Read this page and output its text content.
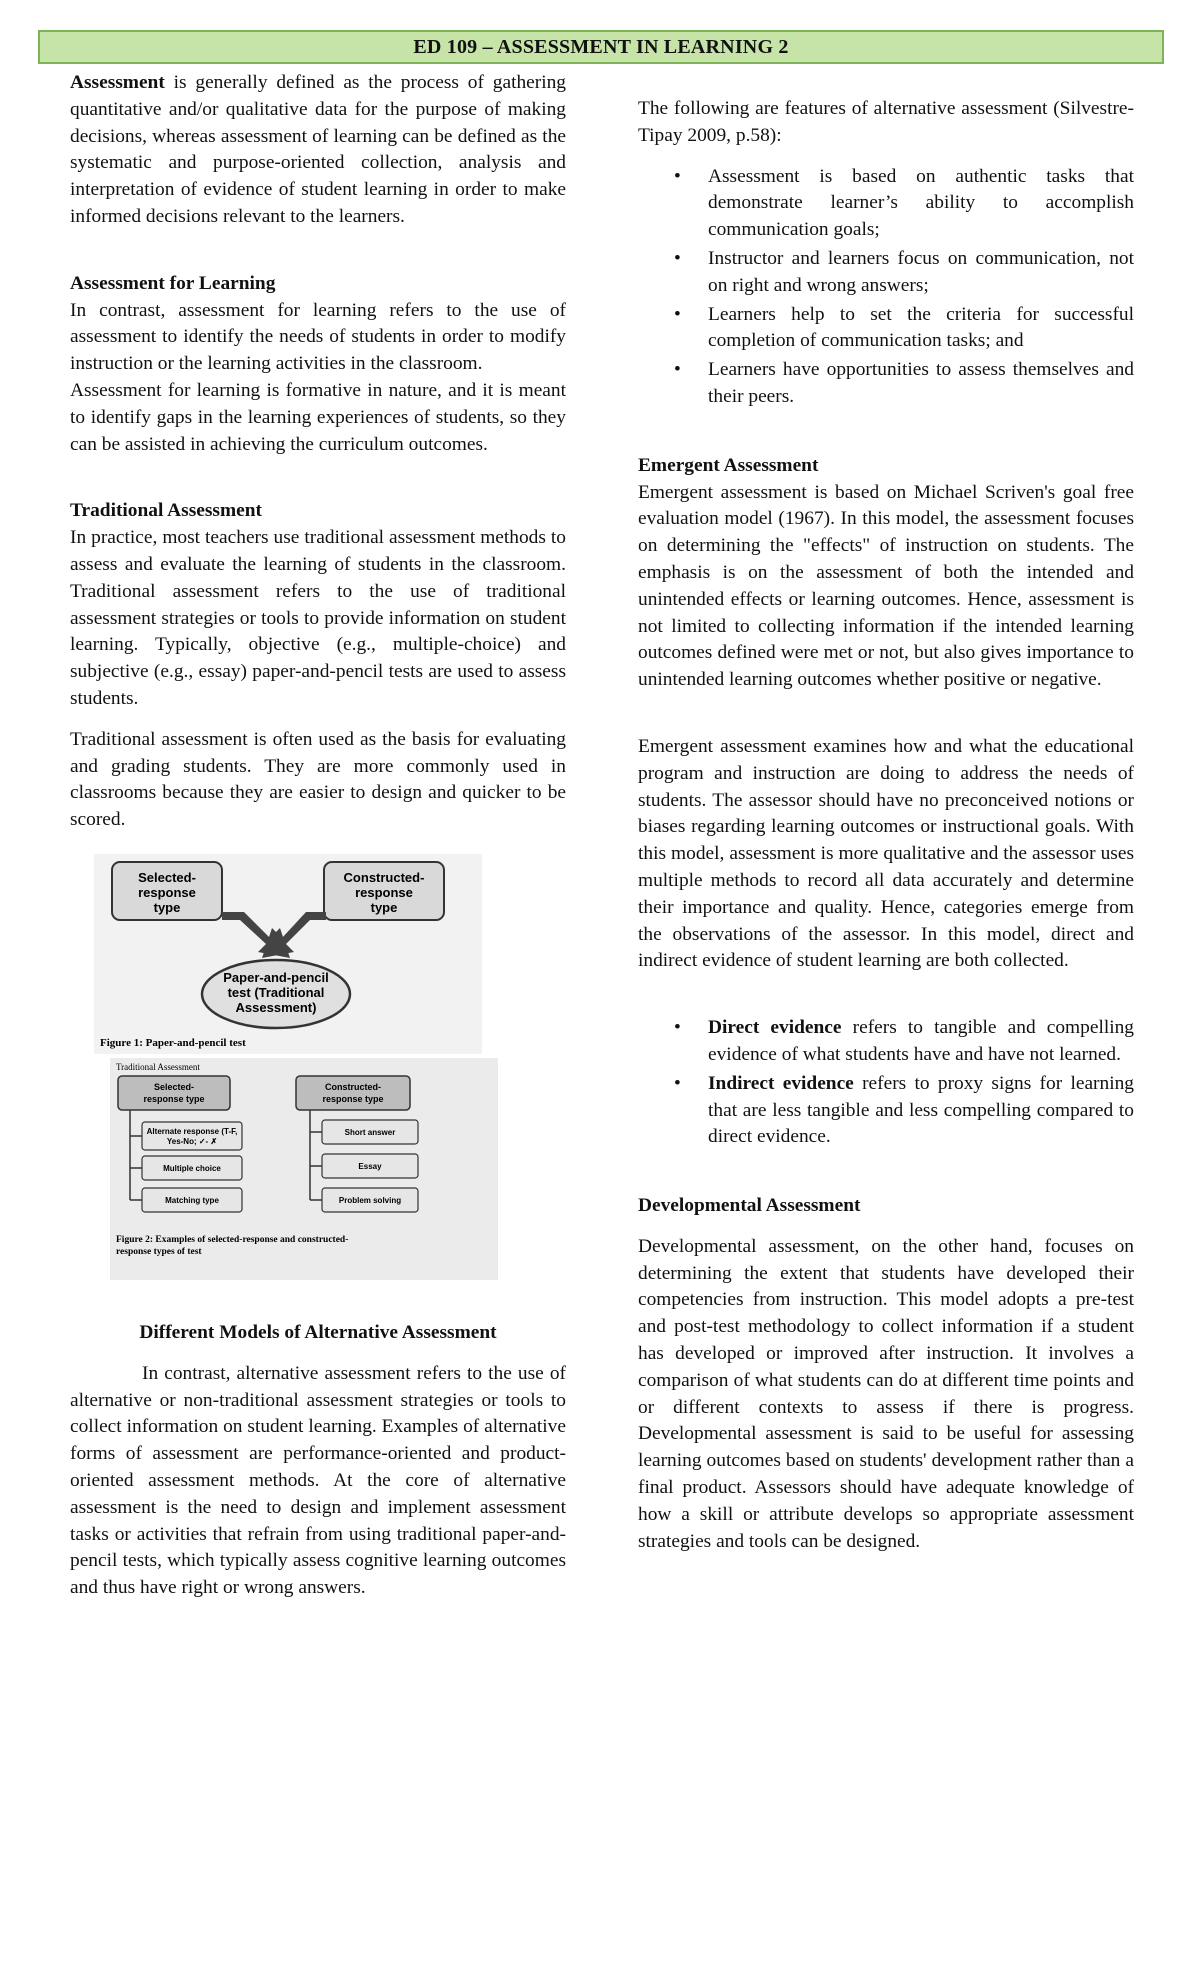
ED 109 – ASSESSMENT IN LEARNING 2

Assessment is generally defined as the process of gathering quantitative and/or qualitative data for the purpose of making decisions, whereas assessment of learning can be defined as the systematic and purpose-oriented collection, analysis and interpretation of evidence of student learning in order to make informed decisions relevant to the learners.

Assessment for Learning

In contrast, assessment for learning refers to the use of assessment to identify the needs of students in order to modify instruction or the learning activities in the classroom.

Assessment for learning is formative in nature, and it is meant to identify gaps in the learning experiences of students, so they can be assisted in achieving the curriculum outcomes.

Traditional Assessment

In practice, most teachers use traditional assessment methods to assess and evaluate the learning of students in the classroom. Traditional assessment refers to the use of traditional assessment strategies or tools to provide information on student learning. Typically, objective (e.g., multiple-choice) and subjective (e.g., essay) paper-and-pencil tests are used to assess students.

Traditional assessment is often used as the basis for evaluating and grading students. They are more commonly used in classrooms because they are easier to design and quicker to be scored.

Selected-
response
type
Constructed-
response
type
Paper-and-pencil
test (Traditional
Assessment)
Figure 1: Paper-and-pencil test
Traditional Assessment
Selected-
response type
Constructed-
response type
Alternate response (T-F,
Yes-No; ✓- ✗
Multiple choice
Matching type
Short answer
Essay
Problem solving
Figure 2: Examples of selected-response and constructed-
response types of test
Different Models of Alternative Assessment

In contrast, alternative assessment refers to the use of alternative or non-traditional assessment strategies or tools to collect information on student learning. Examples of alternative forms of assessment are performance-oriented and product-oriented assessment methods. At the core of alternative assessment is the need to design and implement assessment tasks or activities that refrain from using traditional paper-and-pencil tests, which typically assess cognitive learning outcomes and thus have right or wrong answers.

The following are features of alternative assessment (Silvestre-Tipay 2009, p.58):

• Assessment is based on authentic tasks that demonstrate learner’s ability to accomplish communication goals;
• Instructor and learners focus on communication, not on right and wrong answers;
• Learners help to set the criteria for successful completion of communication tasks; and
• Learners have opportunities to assess themselves and their peers.
Emergent Assessment

Emergent assessment is based on Michael Scriven's goal free evaluation model (1967). In this model, the assessment focuses on determining the "effects" of instruction on students. The emphasis is on the assessment of both the intended and unintended effects or learning outcomes. Hence, assessment is not limited to collecting information if the intended learning outcomes defined were met or not, but also gives importance to unintended learning outcomes whether positive or negative.

Emergent assessment examines how and what the educational program and instruction are doing to address the needs of students. The assessor should have no preconceived notions or biases regarding learning outcomes or instructional goals. With this model, assessment is more qualitative and the assessor uses multiple methods to record all data accurately and determine their importance and quality. Hence, categories emerge from the observations of the assessor. In this model, direct and indirect evidence of student learning are both collected.

• Direct evidence refers to tangible and compelling evidence of what students have and have not learned.
• Indirect evidence refers to proxy signs for learning that are less tangible and less compelling compared to direct evidence.
Developmental Assessment

Developmental assessment, on the other hand, focuses on determining the extent that students have developed their competencies from instruction. This model adopts a pre-test and post-test methodology to collect information if a student has developed or improved after instruction. It involves a comparison of what students can do at different time points and or different contexts to assess if there is progress. Developmental assessment is said to be useful for assessing learning outcomes based on students' development rather than a final product. Assessors should have adequate knowledge of how a skill or attribute develops so appropriate assessment strategies and tools can be designed.
